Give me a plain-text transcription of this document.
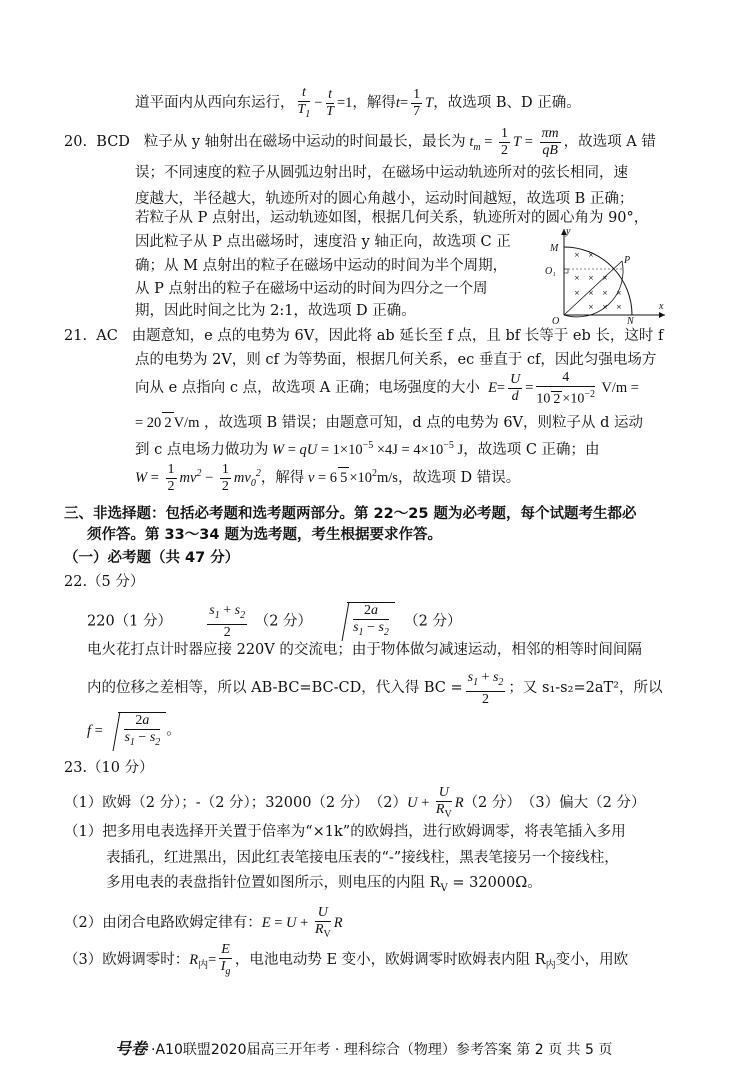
道平面内从西向东运行， $\frac{t}{T_1} - \frac{t}{T} =1$，解得$t= \frac{1}{7}$ T，故选项 B、D 正确。
20. BCD 粒子从 y 轴射出在磁场中运动的时间最长，最长为 $t_m = \frac{1}{2}$ $T = \frac{\pi m}{qB}$ ，故选项 A 错
误；不同速度的粒子从圆弧边射出时，在磁场中运动轨迹所对的弦长相同，速
度越大，半径越大，轨迹所对的圆心角越小，运动时间越短，故选项 B 正确；
若粒子从 P 点射出，运动轨迹如图，根据几何关系，轨迹所对的圆心角为 90°，
因此粒子从 P 点出磁场时，速度沿 y 轴正向，故选项 C 正
确；从 M 点射出的粒子在磁场中运动的时间为半个周期，
从 P 点射出的粒子在磁场中运动的时间为四分之一个周
期，因此时间之比为 2:1，故选项 D 正确。
× ×
× × ×
× × × ×
× × ×
y
x
M
O₁
P
O	N
21. AC 由题意知，e 点的电势为 6V，因此将 ab 延长至 f 点，且 bf 长等于 eb 长，这时 f
点的电势为 2V，则 cf 为等势面，根据几何关系，ec 垂直于 cf，因此匀强电场方
向从 e 点指向 c 点，故选项 A 正确；电场强度的大小  $E= \frac{U}{d} = \frac{4}{10 2 \times 10^{-2}} V/m$ =
= 20 2 V/m ，故选项 B 错误；由题意可知，d 点的电势为 6V，则粒子从 d 运动
到 c 点电场力做功为 W = qU = $1\times 10^{-5} \times 4J = 4\times 10^{-5}$ J，故选项 C 正确；由
$W = \frac{1}{2} mv^2 - \frac{1}{2} mv_0^2$，解得 v = 6 $5 \times 10^2m/s$，故选项 D 错误。
三、非选择题：包括必考题和选考题两部分。第 22～25 题为必考题，每个试题考生都必
须作答。第 33～34 题为选考题，考生根据要求作答。
（一）必考题（共 47 分）
22.（5 分）
220（1 分）	$\frac{s_1 + s_2}{2} (2$ 分）	$\frac{2a}{s_1 - s_2} (2$ 分）
电火花打点计时器应接 220V 的交流电；由于物体做匀减速运动，相邻的相等时间间隔
内的位移之差相等，所以 AB-BC=BC-CD，代入得 BC = $\frac{s_1 + s_2}{2}$ ；又 s₁-s₂=2aT²，所以
$f = \frac{2a}{s_1 - s_2}$ 。
23.（10 分）
（1）欧姆（2 分）；-（2 分）；32000（2 分）　$(2)U + \frac{U}{R_V} R(2$ 分）　（3）偏大（2 分）
（1）把多用电表选择开关置于倍率为“×1k”的欧姆挡，进行欧姆调零，将表笔插入多用
表插孔，红进黑出，因此红表笔接电压表的“-”接线柱，黑表笔接另一个接线柱，
多用电表的表盘指针位置如图所示，则电压的内阻 $R_V = 32000\Omega$。
（2）由闭合电路欧姆定律有：$E = U + \frac{U}{R_V}$ R
（3）欧姆调零时：$R_内= \frac{E}{I_g}$ ，电池电动势 E 变小，欧姆调零时欧姆表内阻 $R_内$变小，用欧
号卷 ·A10联盟2020届高三开年考 · 理科综合（物理）参考答案 第 2 页 共 5 页
